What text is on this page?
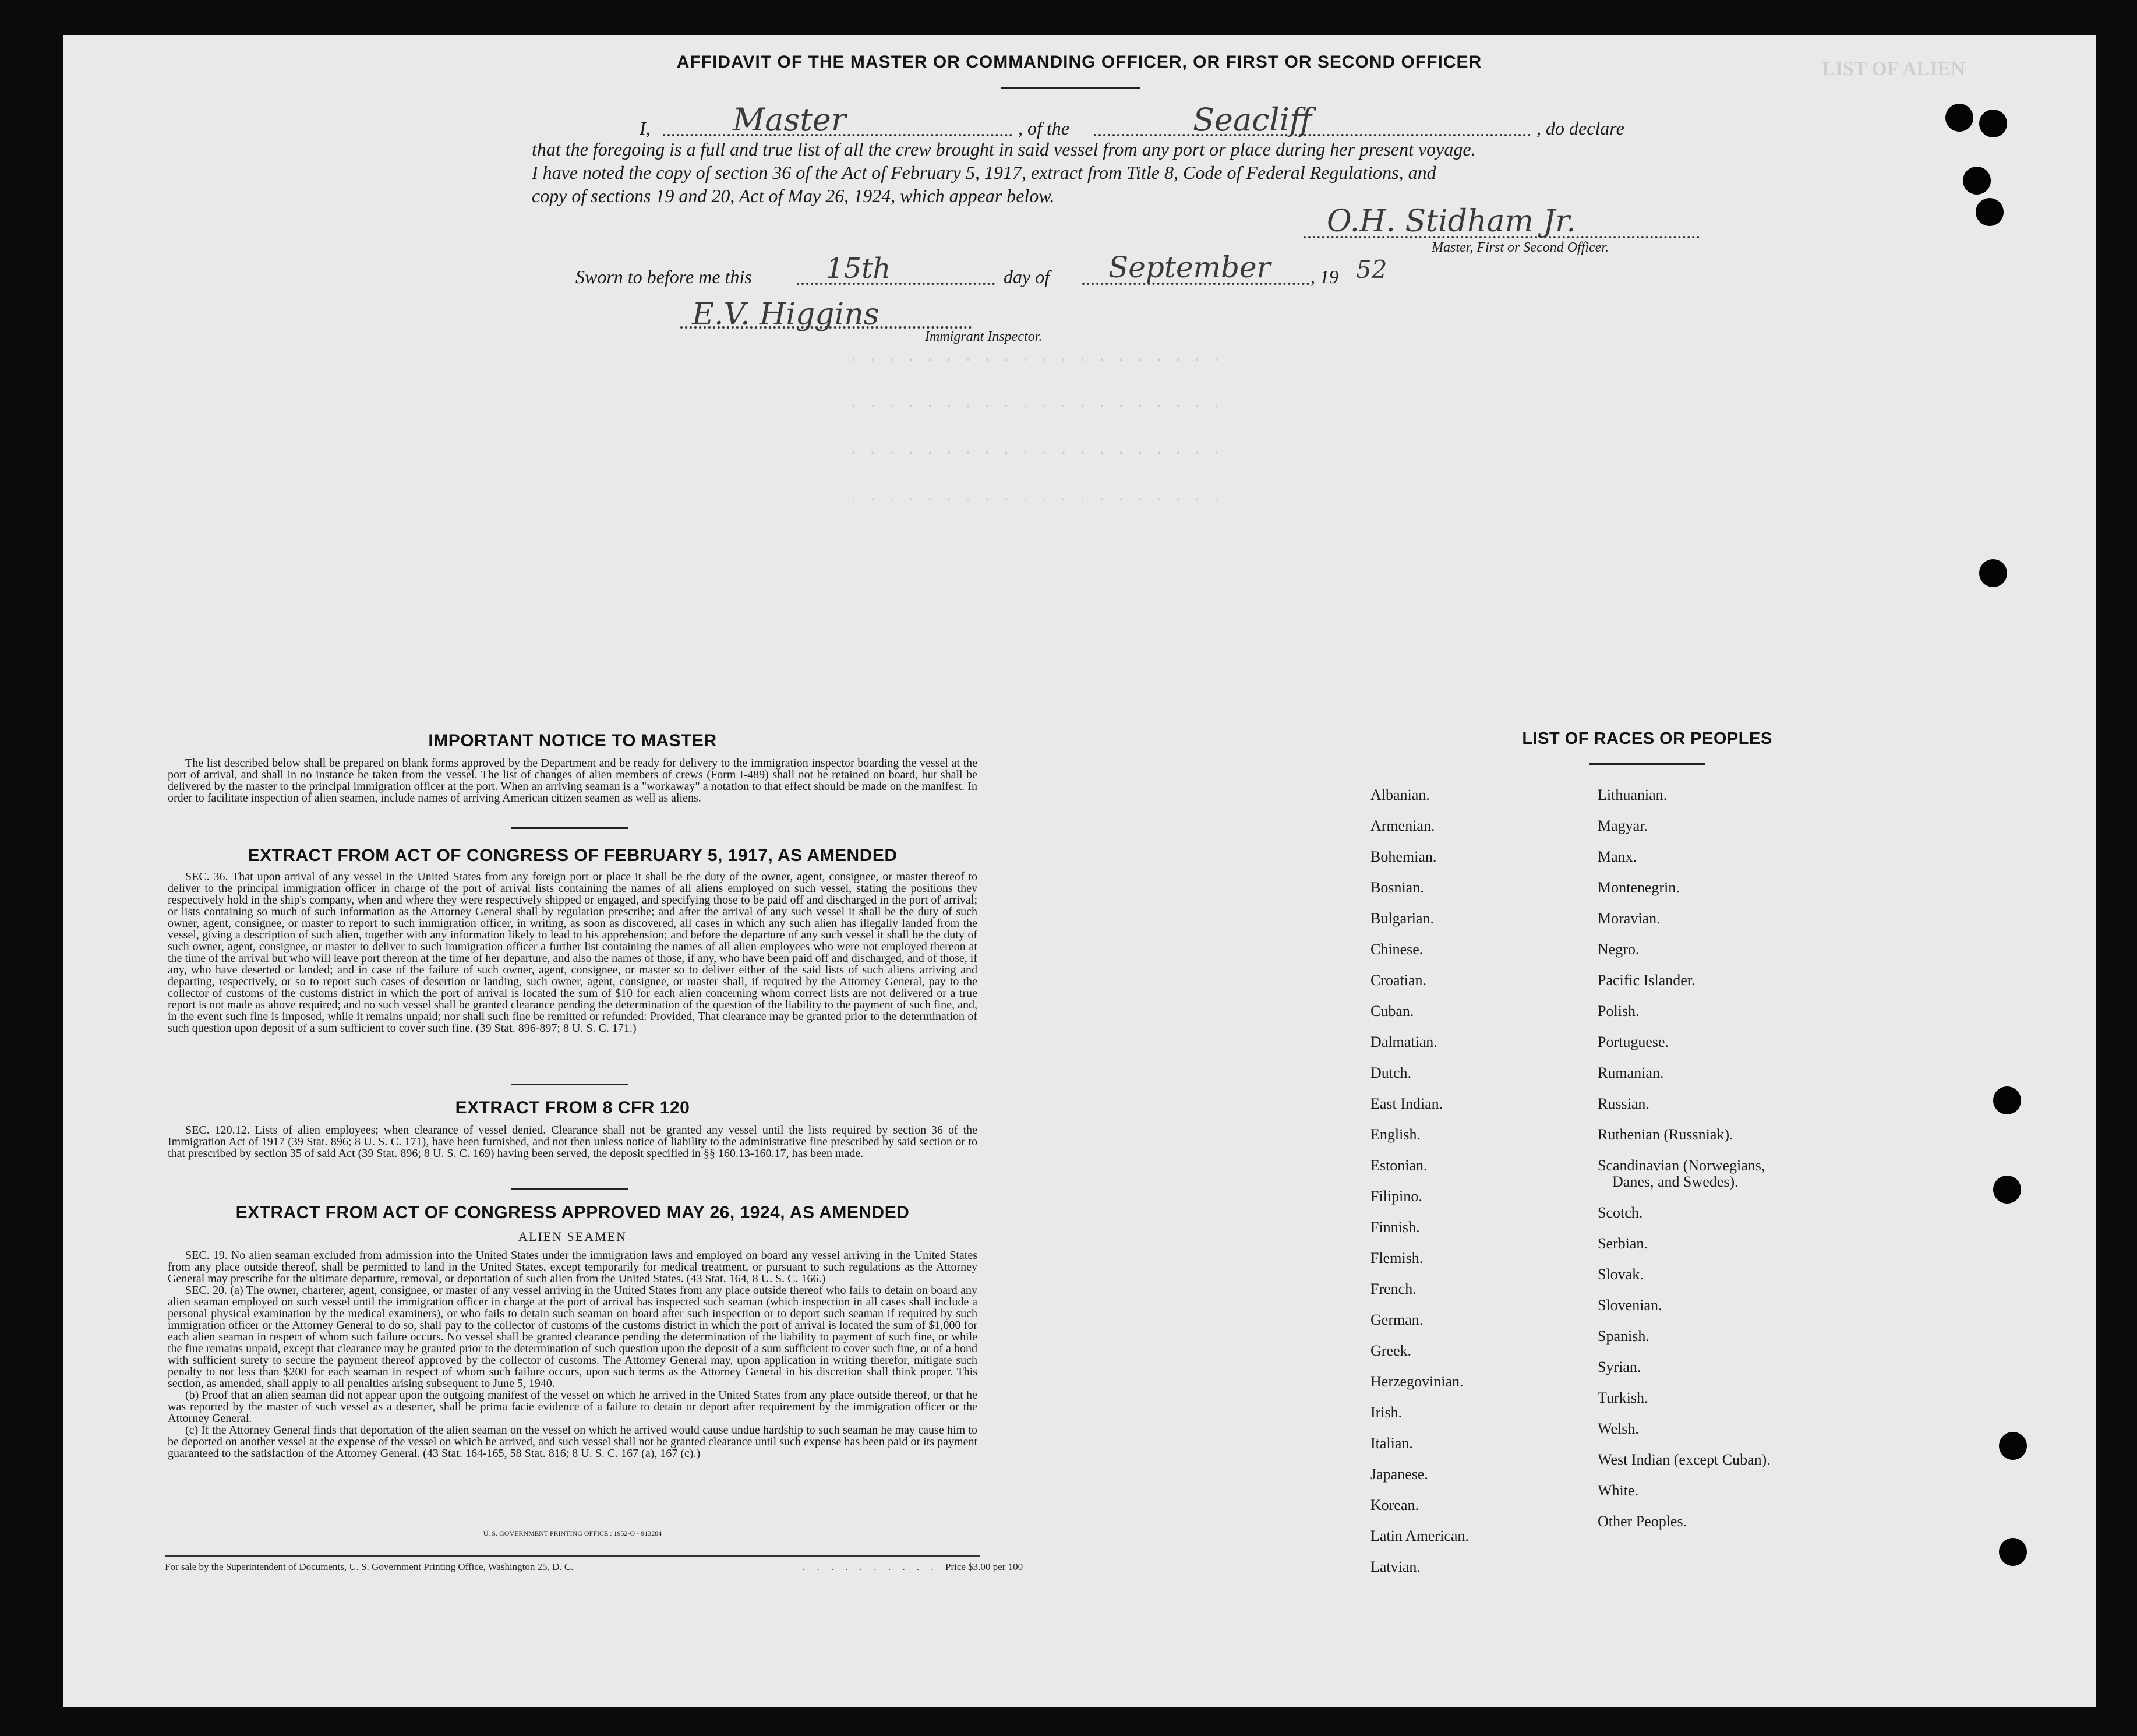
LIST OF ALIEN
. . . . . . . . . . . . . . . . . . . .
. . . . . . . . . . . . . . . . . . . .
. . . . . . . . . . . . . . . . . . . .
. . . . . . . . . . . . . . . . . . . .
AFFIDAVIT OF THE MASTER OR COMMANDING OFFICER, OR FIRST OR SECOND OFFICER
I,	Master	, of the	Seacliff	, do declare
that the foregoing is a full and true list of all the crew brought in said vessel from any port or place during her present voyage.
I have noted the copy of section 36 of the Act of February 5, 1917, extract from Title 8, Code of Federal Regulations, and
copy of sections 19 and 20, Act of May 26, 1924, which appear below.
O.H. Stidham Jr.
Master, First or Second Officer.
Sworn to before me this	15th	day of September , 19 52
E.V. Higgins
Immigrant Inspector.
IMPORTANT NOTICE TO MASTER

The list described below shall be prepared on blank forms approved by the Department and be ready for delivery to the immigration inspector boarding the vessel at the port of arrival, and shall in no instance be taken from the vessel. The list of changes of alien members of crews (Form I-489) shall not be retained on board, but shall be delivered by the master to the principal immigration officer at the port. When an arriving seaman is a "workaway" a notation to that effect should be made on the manifest. In order to facilitate inspection of alien seamen, include names of arriving American citizen seamen as well as aliens.

EXTRACT FROM ACT OF CONGRESS OF FEBRUARY 5, 1917, AS AMENDED

SEC. 36. That upon arrival of any vessel in the United States from any foreign port or place it shall be the duty of the owner, agent, consignee, or master thereof to deliver to the principal immigration officer in charge of the port of arrival lists containing the names of all aliens employed on such vessel, stating the positions they respectively hold in the ship's company, when and where they were respectively shipped or engaged, and specifying those to be paid off and discharged in the port of arrival; or lists containing so much of such information as the Attorney General shall by regulation prescribe; and after the arrival of any such vessel it shall be the duty of such owner, agent, consignee, or master to report to such immigration officer, in writing, as soon as discovered, all cases in which any such alien has illegally landed from the vessel, giving a description of such alien, together with any information likely to lead to his apprehension; and before the departure of any such vessel it shall be the duty of such owner, agent, consignee, or master to deliver to such immigration officer a further list containing the names of all alien employees who were not employed thereon at the time of the arrival but who will leave port thereon at the time of her departure, and also the names of those, if any, who have been paid off and discharged, and of those, if any, who have deserted or landed; and in case of the failure of such owner, agent, consignee, or master so to deliver either of the said lists of such aliens arriving and departing, respectively, or so to report such cases of desertion or landing, such owner, agent, consignee, or master shall, if required by the Attorney General, pay to the collector of customs of the customs district in which the port of arrival is located the sum of $10 for each alien concerning whom correct lists are not delivered or a true report is not made as above required; and no such vessel shall be granted clearance pending the determination of the question of the liability to the payment of such fine, and, in the event such fine is imposed, while it remains unpaid; nor shall such fine be remitted or refunded: Provided, That clearance may be granted prior to the determination of such question upon deposit of a sum sufficient to cover such fine. (39 Stat. 896-897; 8 U. S. C. 171.)

EXTRACT FROM 8 CFR 120

SEC. 120.12. Lists of alien employees; when clearance of vessel denied. Clearance shall not be granted any vessel until the lists required by section 36 of the Immigration Act of 1917 (39 Stat. 896; 8 U. S. C. 171), have been furnished, and not then unless notice of liability to the administrative fine prescribed by said section or to that prescribed by section 35 of said Act (39 Stat. 896; 8 U. S. C. 169) having been served, the deposit specified in §§ 160.13-160.17, has been made.

EXTRACT FROM ACT OF CONGRESS APPROVED MAY 26, 1924, AS AMENDED
ALIEN SEAMEN

SEC. 19. No alien seaman excluded from admission into the United States under the immigration laws and employed on board any vessel arriving in the United States from any place outside thereof, shall be permitted to land in the United States, except temporarily for medical treatment, or pursuant to such regulations as the Attorney General may prescribe for the ultimate departure, removal, or deportation of such alien from the United States. (43 Stat. 164, 8 U. S. C. 166.)

SEC. 20. (a) The owner, charterer, agent, consignee, or master of any vessel arriving in the United States from any place outside thereof who fails to detain on board any alien seaman employed on such vessel until the immigration officer in charge at the port of arrival has inspected such seaman (which inspection in all cases shall include a personal physical examination by the medical examiners), or who fails to detain such seaman on board after such inspection or to deport such seaman if required by such immigration officer or the Attorney General to do so, shall pay to the collector of customs of the customs district in which the port of arrival is located the sum of $1,000 for each alien seaman in respect of whom such failure occurs. No vessel shall be granted clearance pending the determination of the liability to payment of such fine, or while the fine remains unpaid, except that clearance may be granted prior to the determination of such question upon the deposit of a sum sufficient to cover such fine, or of a bond with sufficient surety to secure the payment thereof approved by the collector of customs. The Attorney General may, upon application in writing therefor, mitigate such penalty to not less than $200 for each seaman in respect of whom such failure occurs, upon such terms as the Attorney General in his discretion shall think proper. This section, as amended, shall apply to all penalties arising subsequent to June 5, 1940.

(b) Proof that an alien seaman did not appear upon the outgoing manifest of the vessel on which he arrived in the United States from any place outside thereof, or that he was reported by the master of such vessel as a deserter, shall be prima facie evidence of a failure to detain or deport after requirement by the immigration officer or the Attorney General.

(c) If the Attorney General finds that deportation of the alien seaman on the vessel on which he arrived would cause undue hardship to such seaman he may cause him to be deported on another vessel at the expense of the vessel on which he arrived, and such vessel shall not be granted clearance until such expense has been paid or its payment guaranteed to the satisfaction of the Attorney General. (43 Stat. 164-165, 58 Stat. 816; 8 U. S. C. 167 (a), 167 (c).)

U. S. GOVERNMENT PRINTING OFFICE : 1952-O - 913284
For sale by the Superintendent of Documents, U. S. Government Printing Office, Washington 25, D. C.	. . . . . . . . . . .
Price $3.00 per 100
LIST OF RACES OR PEOPLES
Albanian.
Armenian.
Bohemian.
Bosnian.
Bulgarian.
Chinese.
Croatian.
Cuban.
Dalmatian.
Dutch.
East Indian.
English.
Estonian.
Filipino.
Finnish.
Flemish.
French.
German.
Greek.
Herzegovinian.
Irish.
Italian.
Japanese.
Korean.
Latin American.
Latvian.
Lithuanian.
Magyar.
Manx.
Montenegrin.
Moravian.
Negro.
Pacific Islander.
Polish.
Portuguese.
Rumanian.
Russian.
Ruthenian (Russniak).
Scandinavian (Norwegians,
Danes, and Swedes).
Scotch.
Serbian.
Slovak.
Slovenian.
Spanish.
Syrian.
Turkish.
Welsh.
West Indian (except Cuban).
White.
Other Peoples.
